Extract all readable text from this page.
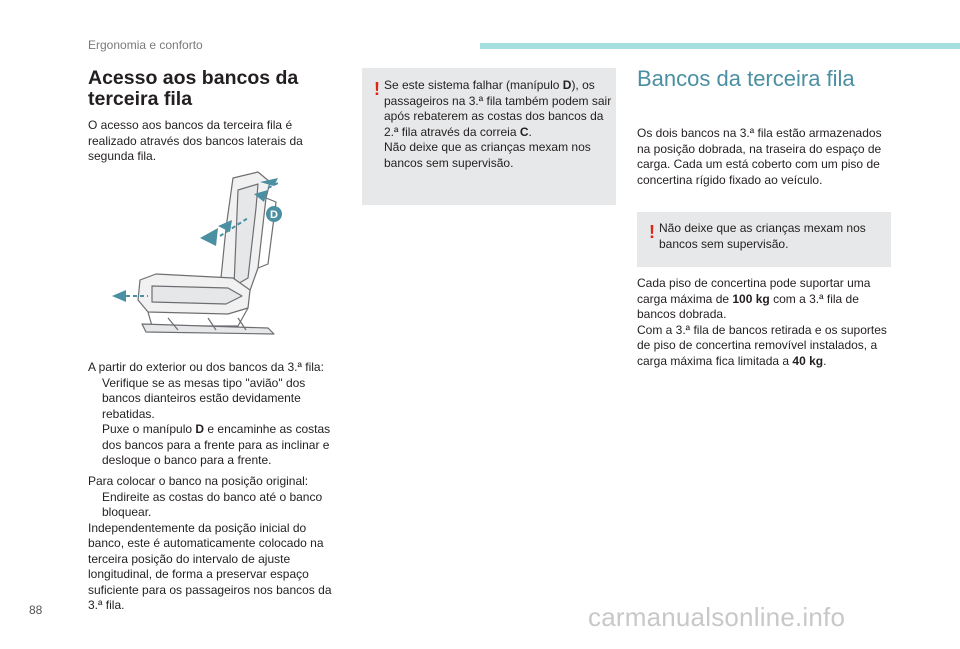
Ergonomia e conforto
Acesso aos bancos da terceira fila

O acesso aos bancos da terceira fila é realizado através dos bancos laterais da segunda fila.

D

A partir do exterior ou dos bancos da 3.ª fila:

Verifique se as mesas tipo "avião" dos bancos dianteiros estão devidamente rebatidas.
Puxe o manípulo D e encaminhe as costas dos bancos para a frente para as inclinar e desloque o banco para a frente.

Para colocar o banco na posição original:

Endireite as costas do banco até o banco bloquear.

Independentemente da posição inicial do banco, este é automaticamente colocado na terceira posição do intervalo de ajuste longitudinal, de forma a preservar espaço suficiente para os passageiros nos bancos da 3.ª fila.

! Se este sistema falhar (manípulo D), os passageiros na 3.ª fila também podem sair após rebaterem as costas dos bancos da 2.ª fila através da correia C.
Não deixe que as crianças mexam nos bancos sem supervisão.
Bancos da terceira fila

Os dois bancos na 3.ª fila estão armazenados na posição dobrada, na traseira do espaço de carga. Cada um está coberto com um piso de concertina rígido fixado ao veículo.

! Não deixe que as crianças mexam nos bancos sem supervisão.

Cada piso de concertina pode suportar uma carga máxima de 100 kg com a 3.ª fila de bancos dobrada.

Com a 3.ª fila de bancos retirada e os suportes de piso de concertina removível instalados, a carga máxima fica limitada a 40 kg.

88	carmanualsonline.info
